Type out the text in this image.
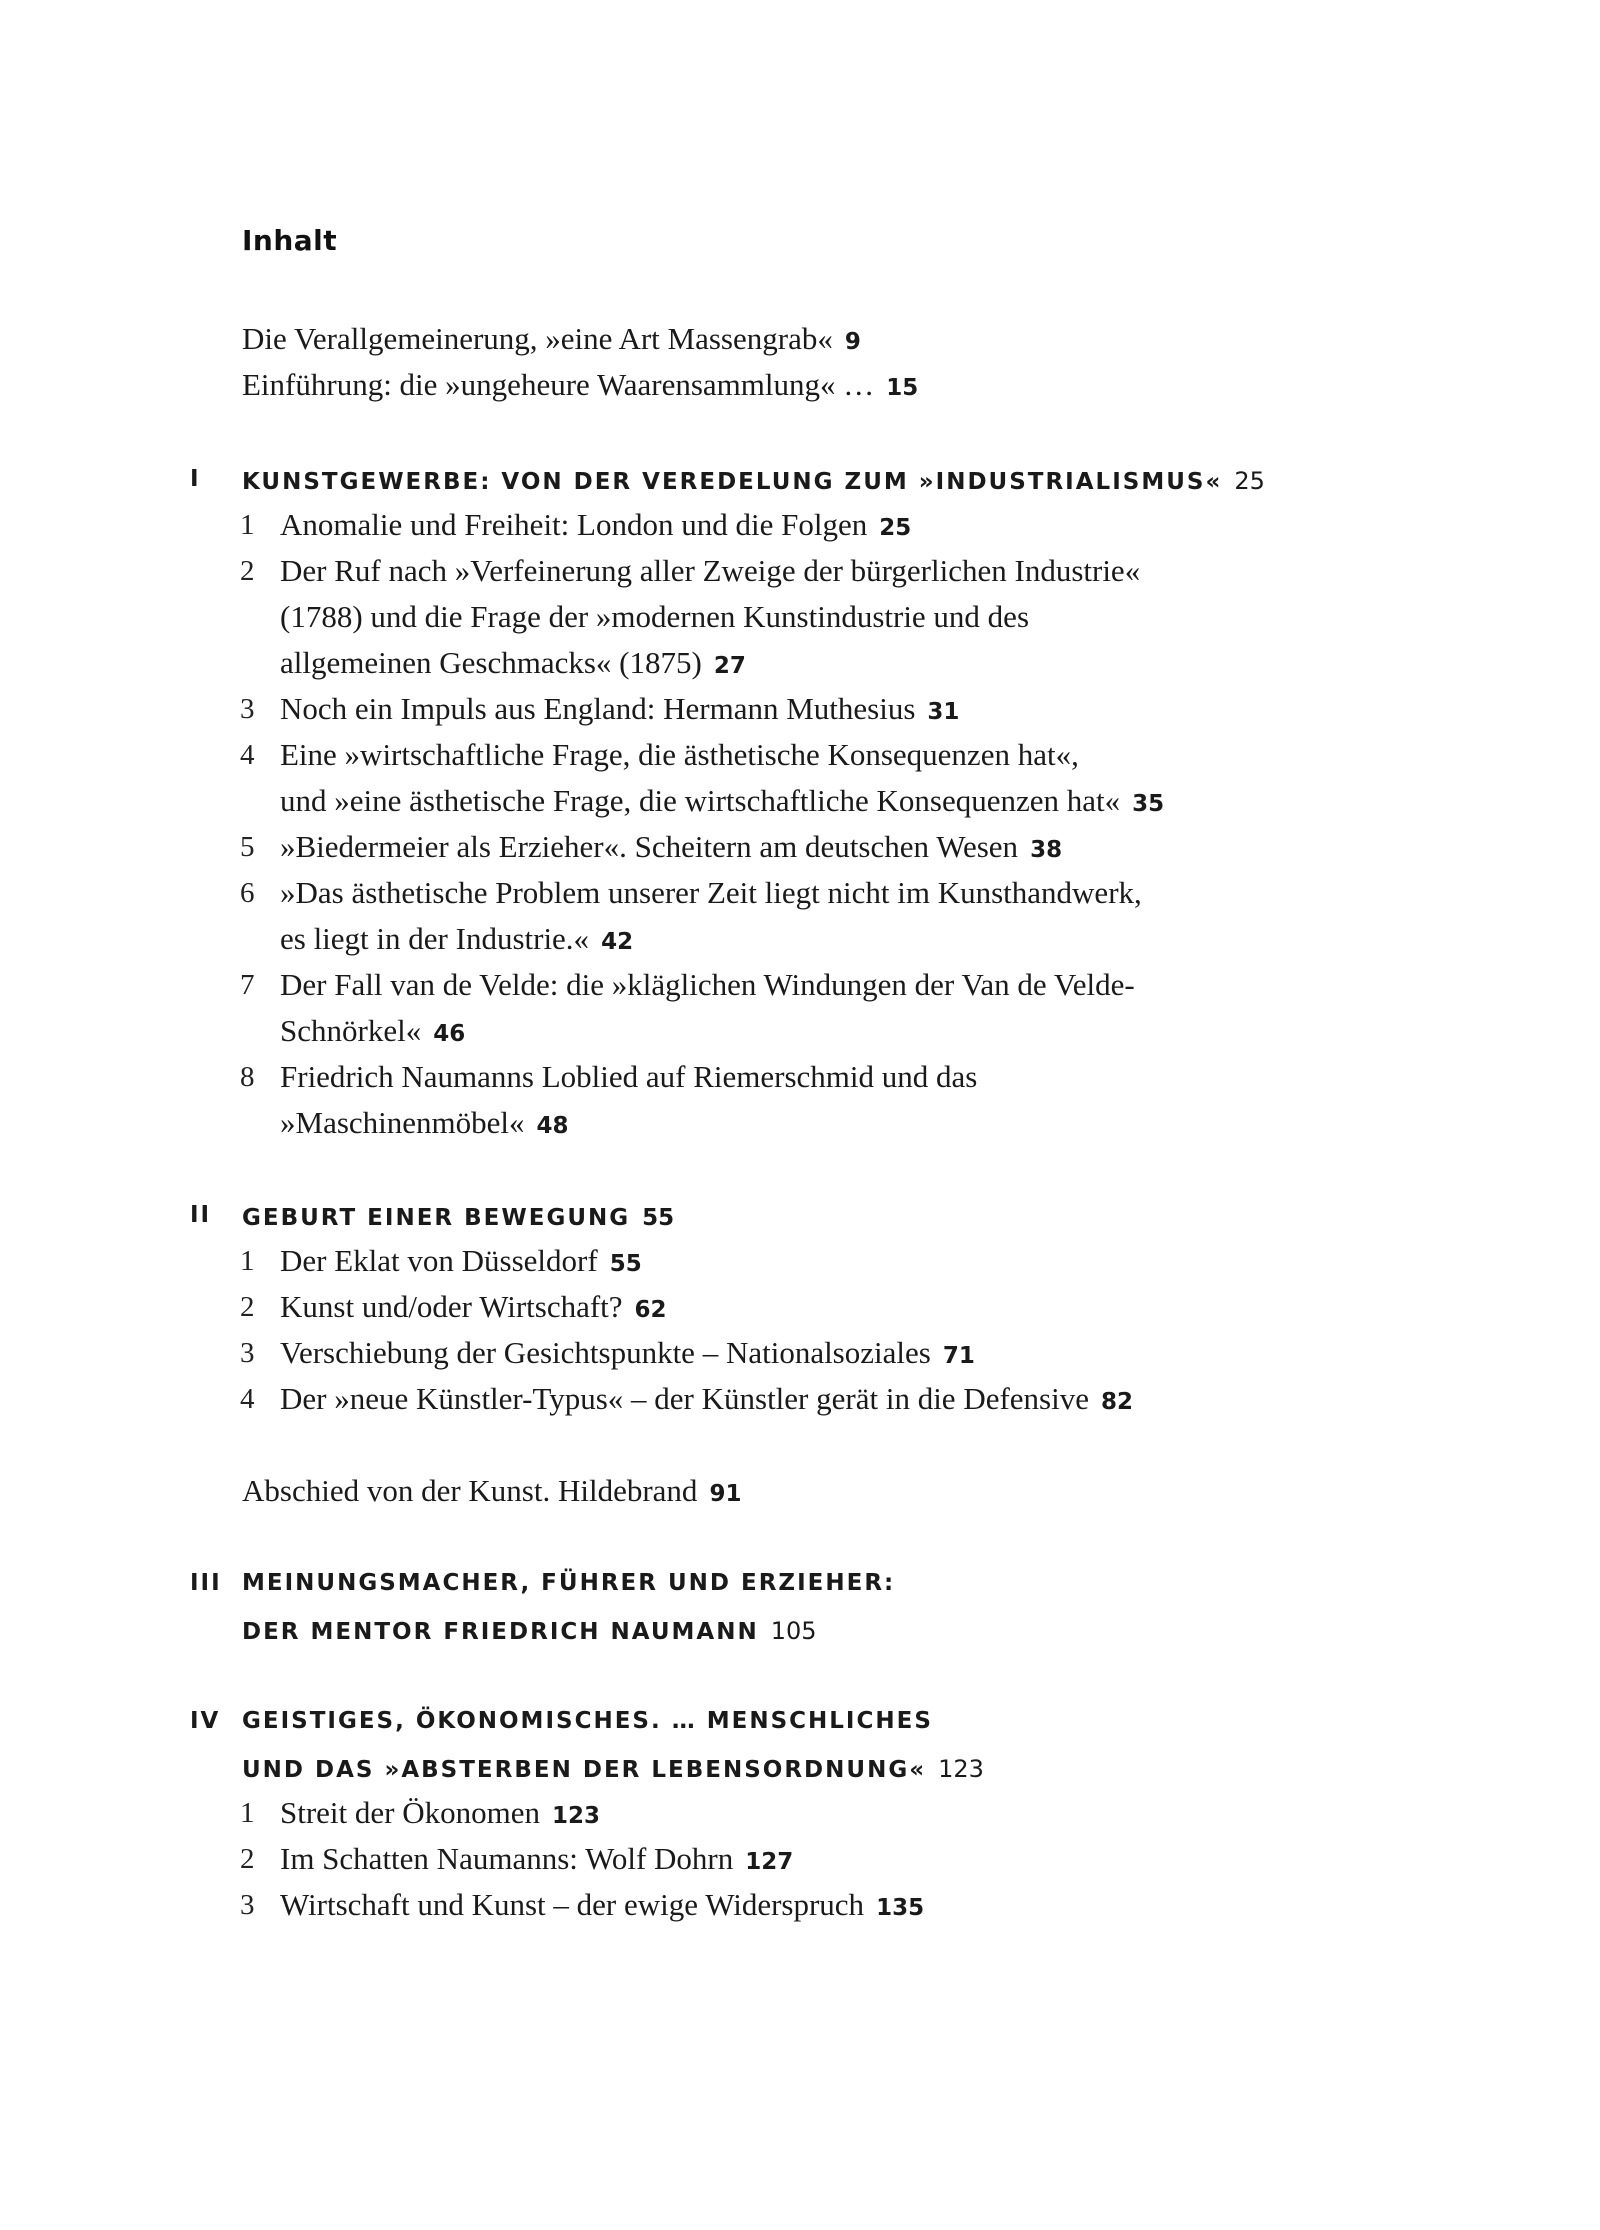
Inhalt
Die Verallgemeinerung, »eine Art Massengrab« 9
Einführung: die »ungeheure Waarensammlung« … 15
I KUNSTGEWERBE: VON DER VEREDELUNG ZUM »INDUSTRIALISMUS« 25
1 Anomalie und Freiheit: London und die Folgen 25
2 Der Ruf nach »Verfeinerung aller Zweige der bürgerlichen Industrie«
(1788) und die Frage der »modernen Kunstindustrie und des
allgemeinen Geschmacks« (1875) 27
3 Noch ein Impuls aus England: Hermann Muthesius 31
4 Eine »wirtschaftliche Frage, die ästhetische Konsequenzen hat«,
und »eine ästhetische Frage, die wirtschaftliche Konsequenzen hat« 35
5 »Biedermeier als Erzieher«. Scheitern am deutschen Wesen 38
6 »Das ästhetische Problem unserer Zeit liegt nicht im Kunsthandwerk,
es liegt in der Industrie.« 42
7 Der Fall van de Velde: die »kläglichen Windungen der Van de Velde-
Schnörkel« 46
8 Friedrich Naumanns Loblied auf Riemerschmid und das
»Maschinenmöbel« 48
II GEBURT EINER BEWEGUNG 55
1 Der Eklat von Düsseldorf 55
2 Kunst und/oder Wirtschaft? 62
3 Verschiebung der Gesichtspunkte – Nationalsoziales 71
4 Der »neue Künstler-Typus« – der Künstler gerät in die Defensive 82
Abschied von der Kunst. Hildebrand 91
III MEINUNGSMACHER, FÜHRER UND ERZIEHER:
DER MENTOR FRIEDRICH NAUMANN 105
IV GEISTIGES, ÖKONOMISCHES. … MENSCHLICHES
UND DAS »ABSTERBEN DER LEBENSORDNUNG« 123
1 Streit der Ökonomen 123
2 Im Schatten Naumanns: Wolf Dohrn 127
3 Wirtschaft und Kunst – der ewige Widerspruch 135
